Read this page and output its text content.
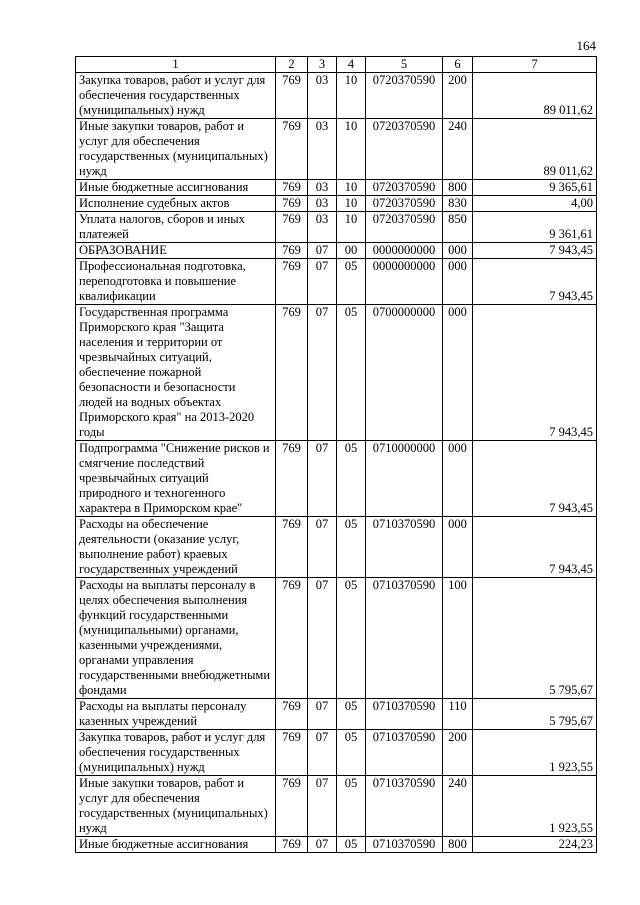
164
1	2	3	4	5	6	7
Закупка товаров, работ и услуг для обеспечения государственных (муниципальных) нужд	769	03	10	0720370590	200	89 011,62
Иные закупки товаров, работ и услуг для обеспечения государственных (муниципальных) нужд	769	03	10	0720370590	240	89 011,62
Иные бюджетные ассигнования	769	03	10	0720370590	800	9 365,61
Исполнение судебных актов	769	03	10	0720370590	830	4,00
Уплата налогов, сборов и иных платежей	769	03	10	0720370590	850	9 361,61
ОБРАЗОВАНИЕ	769	07	00	0000000000	000	7 943,45
Профессиональная подготовка, переподготовка и повышение квалификации	769	07	05	0000000000	000	7 943,45
Государственная программа Приморского края "Защита населения и территории от чрезвычайных ситуаций, обеспечение пожарной безопасности и безопасности людей на водных объектах Приморского края" на 2013-2020 годы	769	07	05	0700000000	000	7 943,45
Подпрограмма "Снижение рисков и смягчение последствий чрезвычайных ситуаций природного и техногенного характера в Приморском крае"	769	07	05	0710000000	000	7 943,45
Расходы на обеспечение деятельности (оказание услуг, выполнение работ) краевых государственных учреждений	769	07	05	0710370590	000	7 943,45
Расходы на выплаты персоналу в целях обеспечения выполнения функций государственными (муниципальными) органами, казенными учреждениями, органами управления государственными внебюджетными фондами	769	07	05	0710370590	100	5 795,67
Расходы на выплаты персоналу казенных учреждений	769	07	05	0710370590	110	5 795,67
Закупка товаров, работ и услуг для обеспечения государственных (муниципальных) нужд	769	07	05	0710370590	200	1 923,55
Иные закупки товаров, работ и услуг для обеспечения государственных (муниципальных) нужд	769	07	05	0710370590	240	1 923,55
Иные бюджетные ассигнования	769	07	05	0710370590	800	224,23
